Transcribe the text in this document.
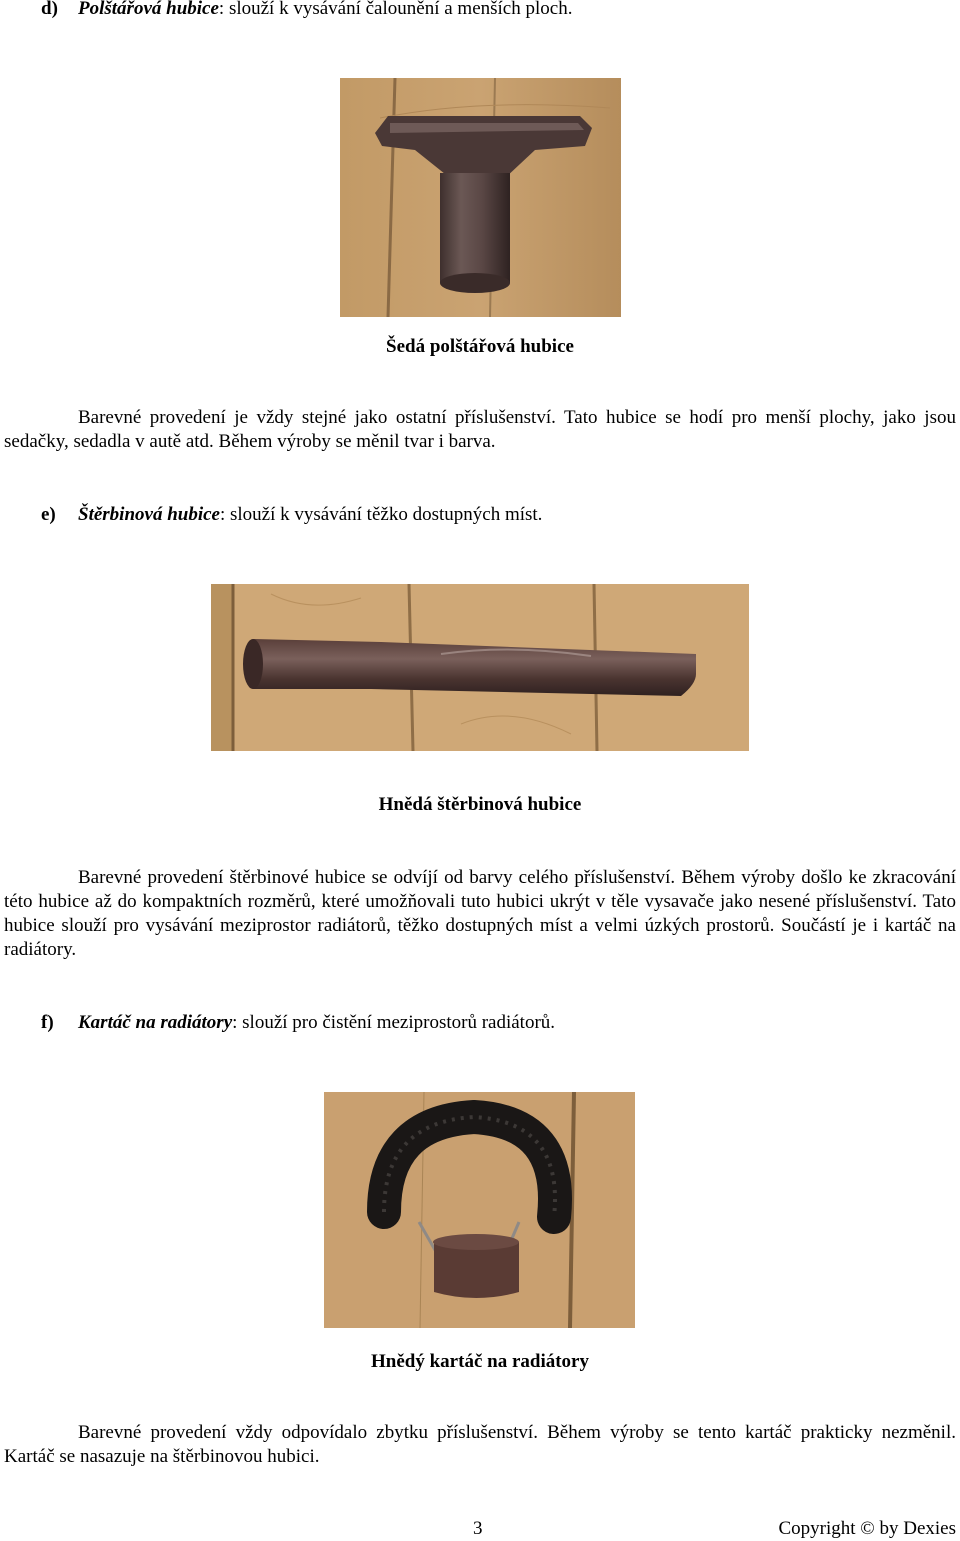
d) Polštářová hubice: slouží k vysávání čalounění a menších ploch.
Šedá polštářová hubice

Barevné provedení je vždy stejné jako ostatní příslušenství. Tato hubice se hodí pro menší plochy, jako jsou sedačky, sedadla v autě atd. Během výroby se měnil tvar i barva.

e) Štěrbinová hubice: slouží k vysávání těžko dostupných míst.
Hnědá štěrbinová hubice

Barevné provedení štěrbinové hubice se odvíjí od barvy celého příslušenství. Během výroby došlo ke zkracování této hubice až do kompaktních rozměrů, které umožňovali tuto hubici ukrýt v těle vysavače jako nesené příslušenství. Tato hubice slouží pro vysávání meziprostor radiátorů, těžko dostupných míst a velmi úzkých prostorů. Součástí je i kartáč na radiátory.

f) Kartáč na radiátory: slouží pro čistění meziprostorů radiátorů.
Hnědý kartáč na radiátory

Barevné provedení vždy odpovídalo zbytku příslušenství. Během výroby se tento kartáč prakticky nezměnil. Kartáč se nasazuje na štěrbinovou hubici.

3	Copyright © by Dexies
